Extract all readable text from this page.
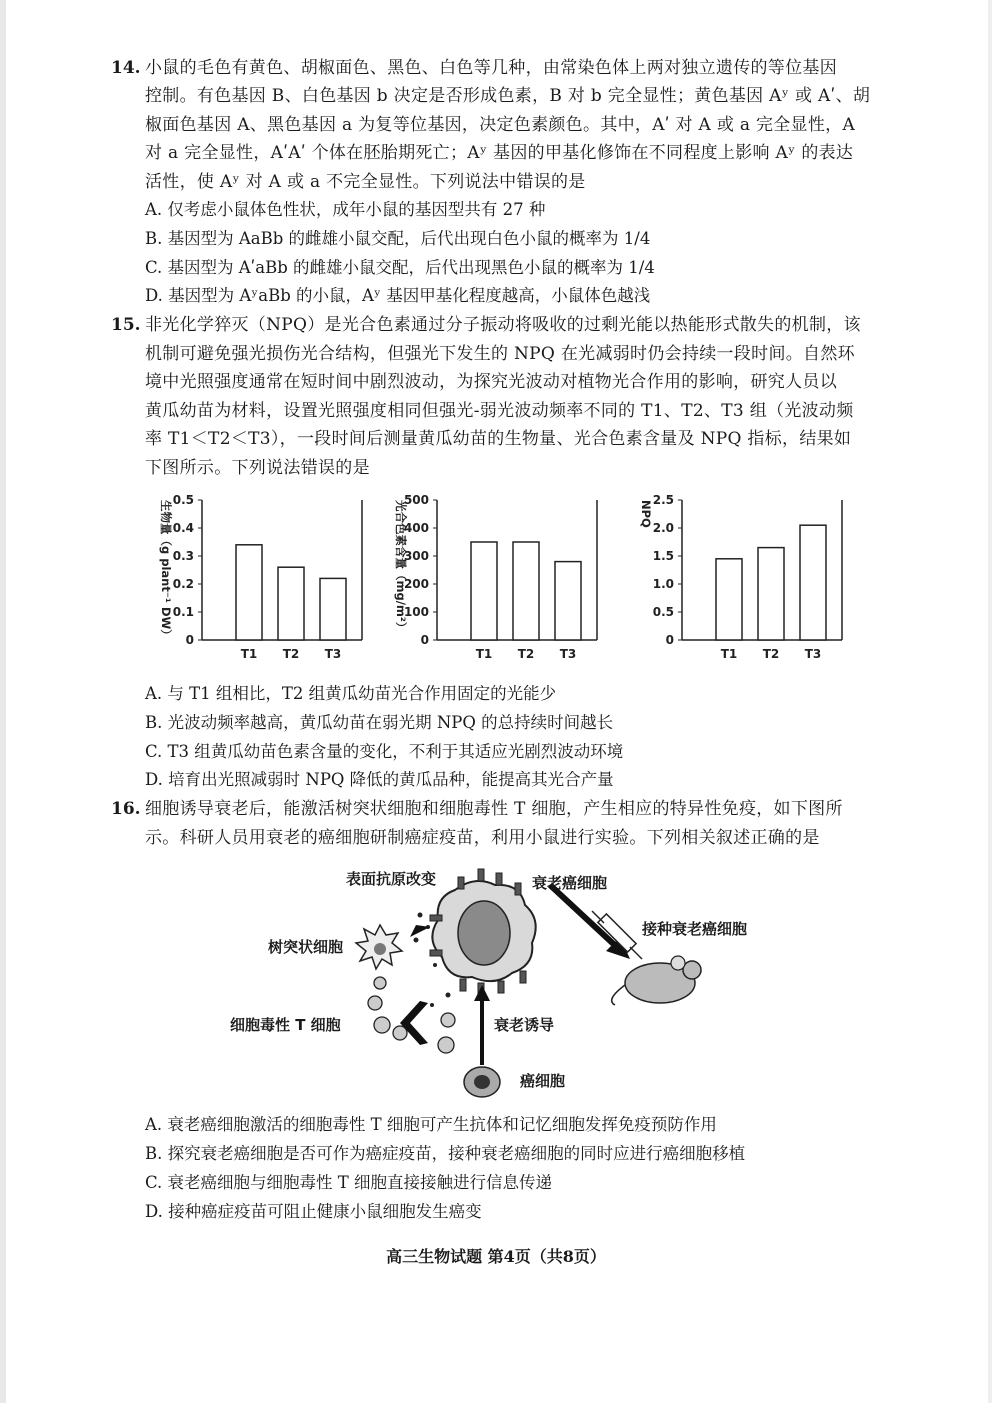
14. 小鼠的毛色有黄色、胡椒面色、黑色、白色等几种，由常染色体上两对独立遗传的等位基因
控制。有色基因 B、白色基因 b 决定是否形成色素，B 对 b 完全显性；黄色基因 Aʸ 或 Aʹ、胡
椒面色基因 A、黑色基因 a 为复等位基因，决定色素颜色。其中，Aʹ 对 A 或 a 完全显性，A
对 a 完全显性，AʹAʹ 个体在胚胎期死亡；Aʸ 基因的甲基化修饰在不同程度上影响 Aʸ 的表达
活性，使 Aʸ 对 A 或 a 不完全显性。下列说法中错误的是
A. 仅考虑小鼠体色性状，成年小鼠的基因型共有 27 种
B. 基因型为 AaBb 的雌雄小鼠交配，后代出现白色小鼠的概率为 1/4
C. 基因型为 AʹaBb 的雌雄小鼠交配，后代出现黑色小鼠的概率为 1/4
D. 基因型为 AʸaBb 的小鼠，Aʸ 基因甲基化程度越高，小鼠体色越浅
15. 非光化学猝灭（NPQ）是光合色素通过分子振动将吸收的过剩光能以热能形式散失的机制，该
机制可避免强光损伤光合结构，但强光下发生的 NPQ 在光减弱时仍会持续一段时间。自然环
境中光照强度通常在短时间中剧烈波动，为探究光波动对植物光合作用的影响，研究人员以
黄瓜幼苗为材料，设置光照强度相同但强光-弱光波动频率不同的 T1、T2、T3 组（光波动频
率 T1＜T2＜T3），一段时间后测量黄瓜幼苗的生物量、光合色素含量及 NPQ 指标，结果如
下图所示。下列说法错误的是
0
0.1
0.2
0.3
0.4
0.5
生物量（g plant⁻¹ DW）
T1 T2 T3
0
100
200
300
400
500
光合色素含量（mg/m²）
T1 T2 T3
0
0.5
1.0
1.5
2.0
2.5
NPQ
T1 T2 T3
A. 与 T1 组相比，T2 组黄瓜幼苗光合作用固定的光能少
B. 光波动频率越高，黄瓜幼苗在弱光期 NPQ 的总持续时间越长
C. T3 组黄瓜幼苗色素含量的变化，不利于其适应光剧烈波动环境
D. 培育出光照减弱时 NPQ 降低的黄瓜品种，能提高其光合产量
16. 细胞诱导衰老后，能激活树突状细胞和细胞毒性 T 细胞，产生相应的特异性免疫，如下图所
示。科研人员用衰老的癌细胞研制癌症疫苗，利用小鼠进行实验。下列相关叙述正确的是
表面抗原改变	衰老癌细胞
接种衰老癌细胞
树突状细胞
细胞毒性 T 细胞	衰老诱导
癌细胞
A. 衰老癌细胞激活的细胞毒性 T 细胞可产生抗体和记忆细胞发挥免疫预防作用
B. 探究衰老癌细胞是否可作为癌症疫苗，接种衰老癌细胞的同时应进行癌细胞移植
C. 衰老癌细胞与细胞毒性 T 细胞直接接触进行信息传递
D. 接种癌症疫苗可阻止健康小鼠细胞发生癌变
高三生物试题 第4页（共8页）
